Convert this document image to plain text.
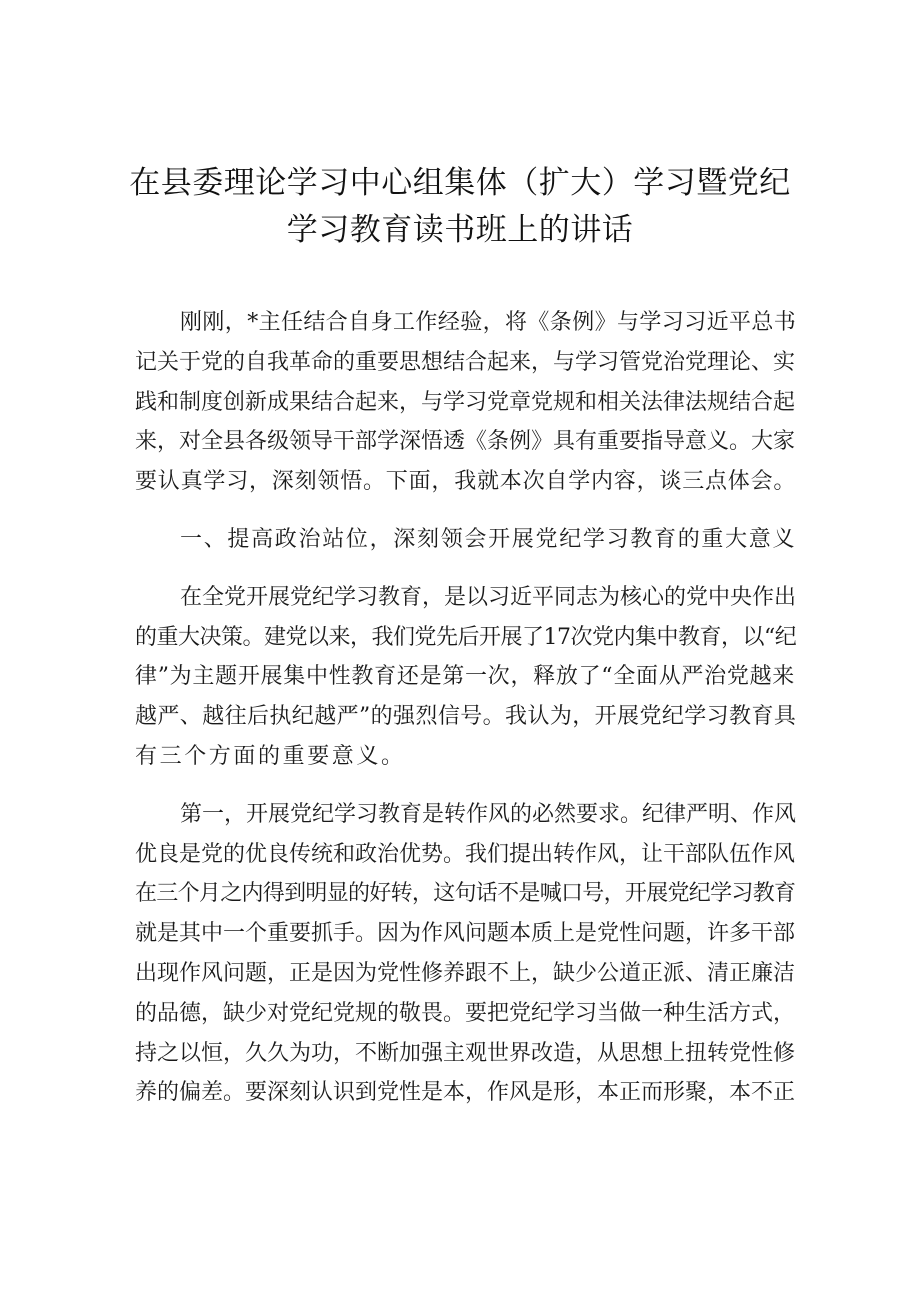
在县委理论学习中心组集体（扩大）学习暨党纪
学习教育读书班上的讲话
刚刚，*主任结合自身工作经验，将《条例》与学习习近平总书
记关于党的自我革命的重要思想结合起来，与学习管党治党理论、实
践和制度创新成果结合起来，与学习党章党规和相关法律法规结合起
来，对全县各级领导干部学深悟透《条例》具有重要指导意义。大家
要认真学习，深刻领悟。下面，我就本次自学内容，谈三点体会。
一、提高政治站位，深刻领会开展党纪学习教育的重大意义
在全党开展党纪学习教育，是以习近平同志为核心的党中央作出
的重大决策。建党以来，我们党先后开展了17次党内集中教育，以“纪
律”为主题开展集中性教育还是第一次，释放了“全面从严治党越来
越严、越往后执纪越严”的强烈信号。我认为，开展党纪学习教育具
有三个方面的重要意义。
第一，开展党纪学习教育是转作风的必然要求。纪律严明、作风
优良是党的优良传统和政治优势。我们提出转作风，让干部队伍作风
在三个月之内得到明显的好转，这句话不是喊口号，开展党纪学习教育
就是其中一个重要抓手。因为作风问题本质上是党性问题，许多干部
出现作风问题，正是因为党性修养跟不上，缺少公道正派、清正廉洁
的品德，缺少对党纪党规的敬畏。要把党纪学习当做一种生活方式，
持之以恒，久久为功，不断加强主观世界改造，从思想上扭转党性修
养的偏差。要深刻认识到党性是本，作风是形，本正而形聚，本不正
